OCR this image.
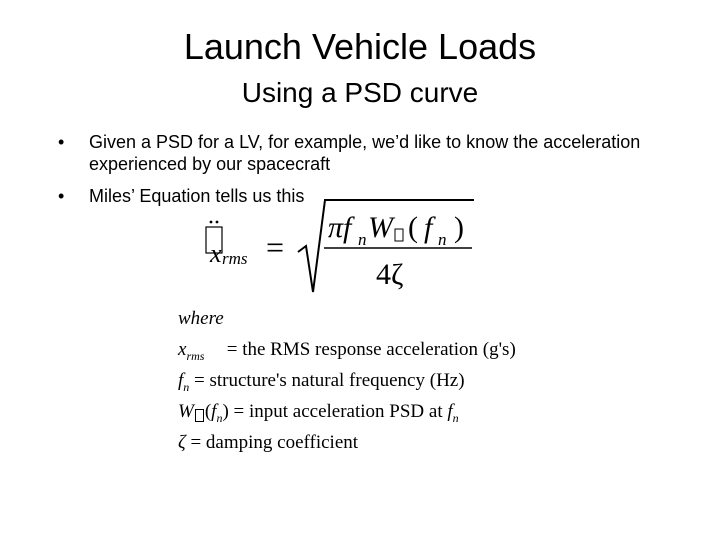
Launch Vehicle Loads
Using a PSD curve
• Given a PSD for a LV, for example, we’d like to know the acceleration experienced by our spacecraft
• Miles’ Equation tells us this
x rms =
πf n W ( f n )
4ζ
where
$x_{rms}$ = the RMS response acceleration (g's)
$f_n$ = structure's natural frequency (Hz)
W $(f_n)$ = input acceleration PSD at $f_n$
ζ = damping coefficient
